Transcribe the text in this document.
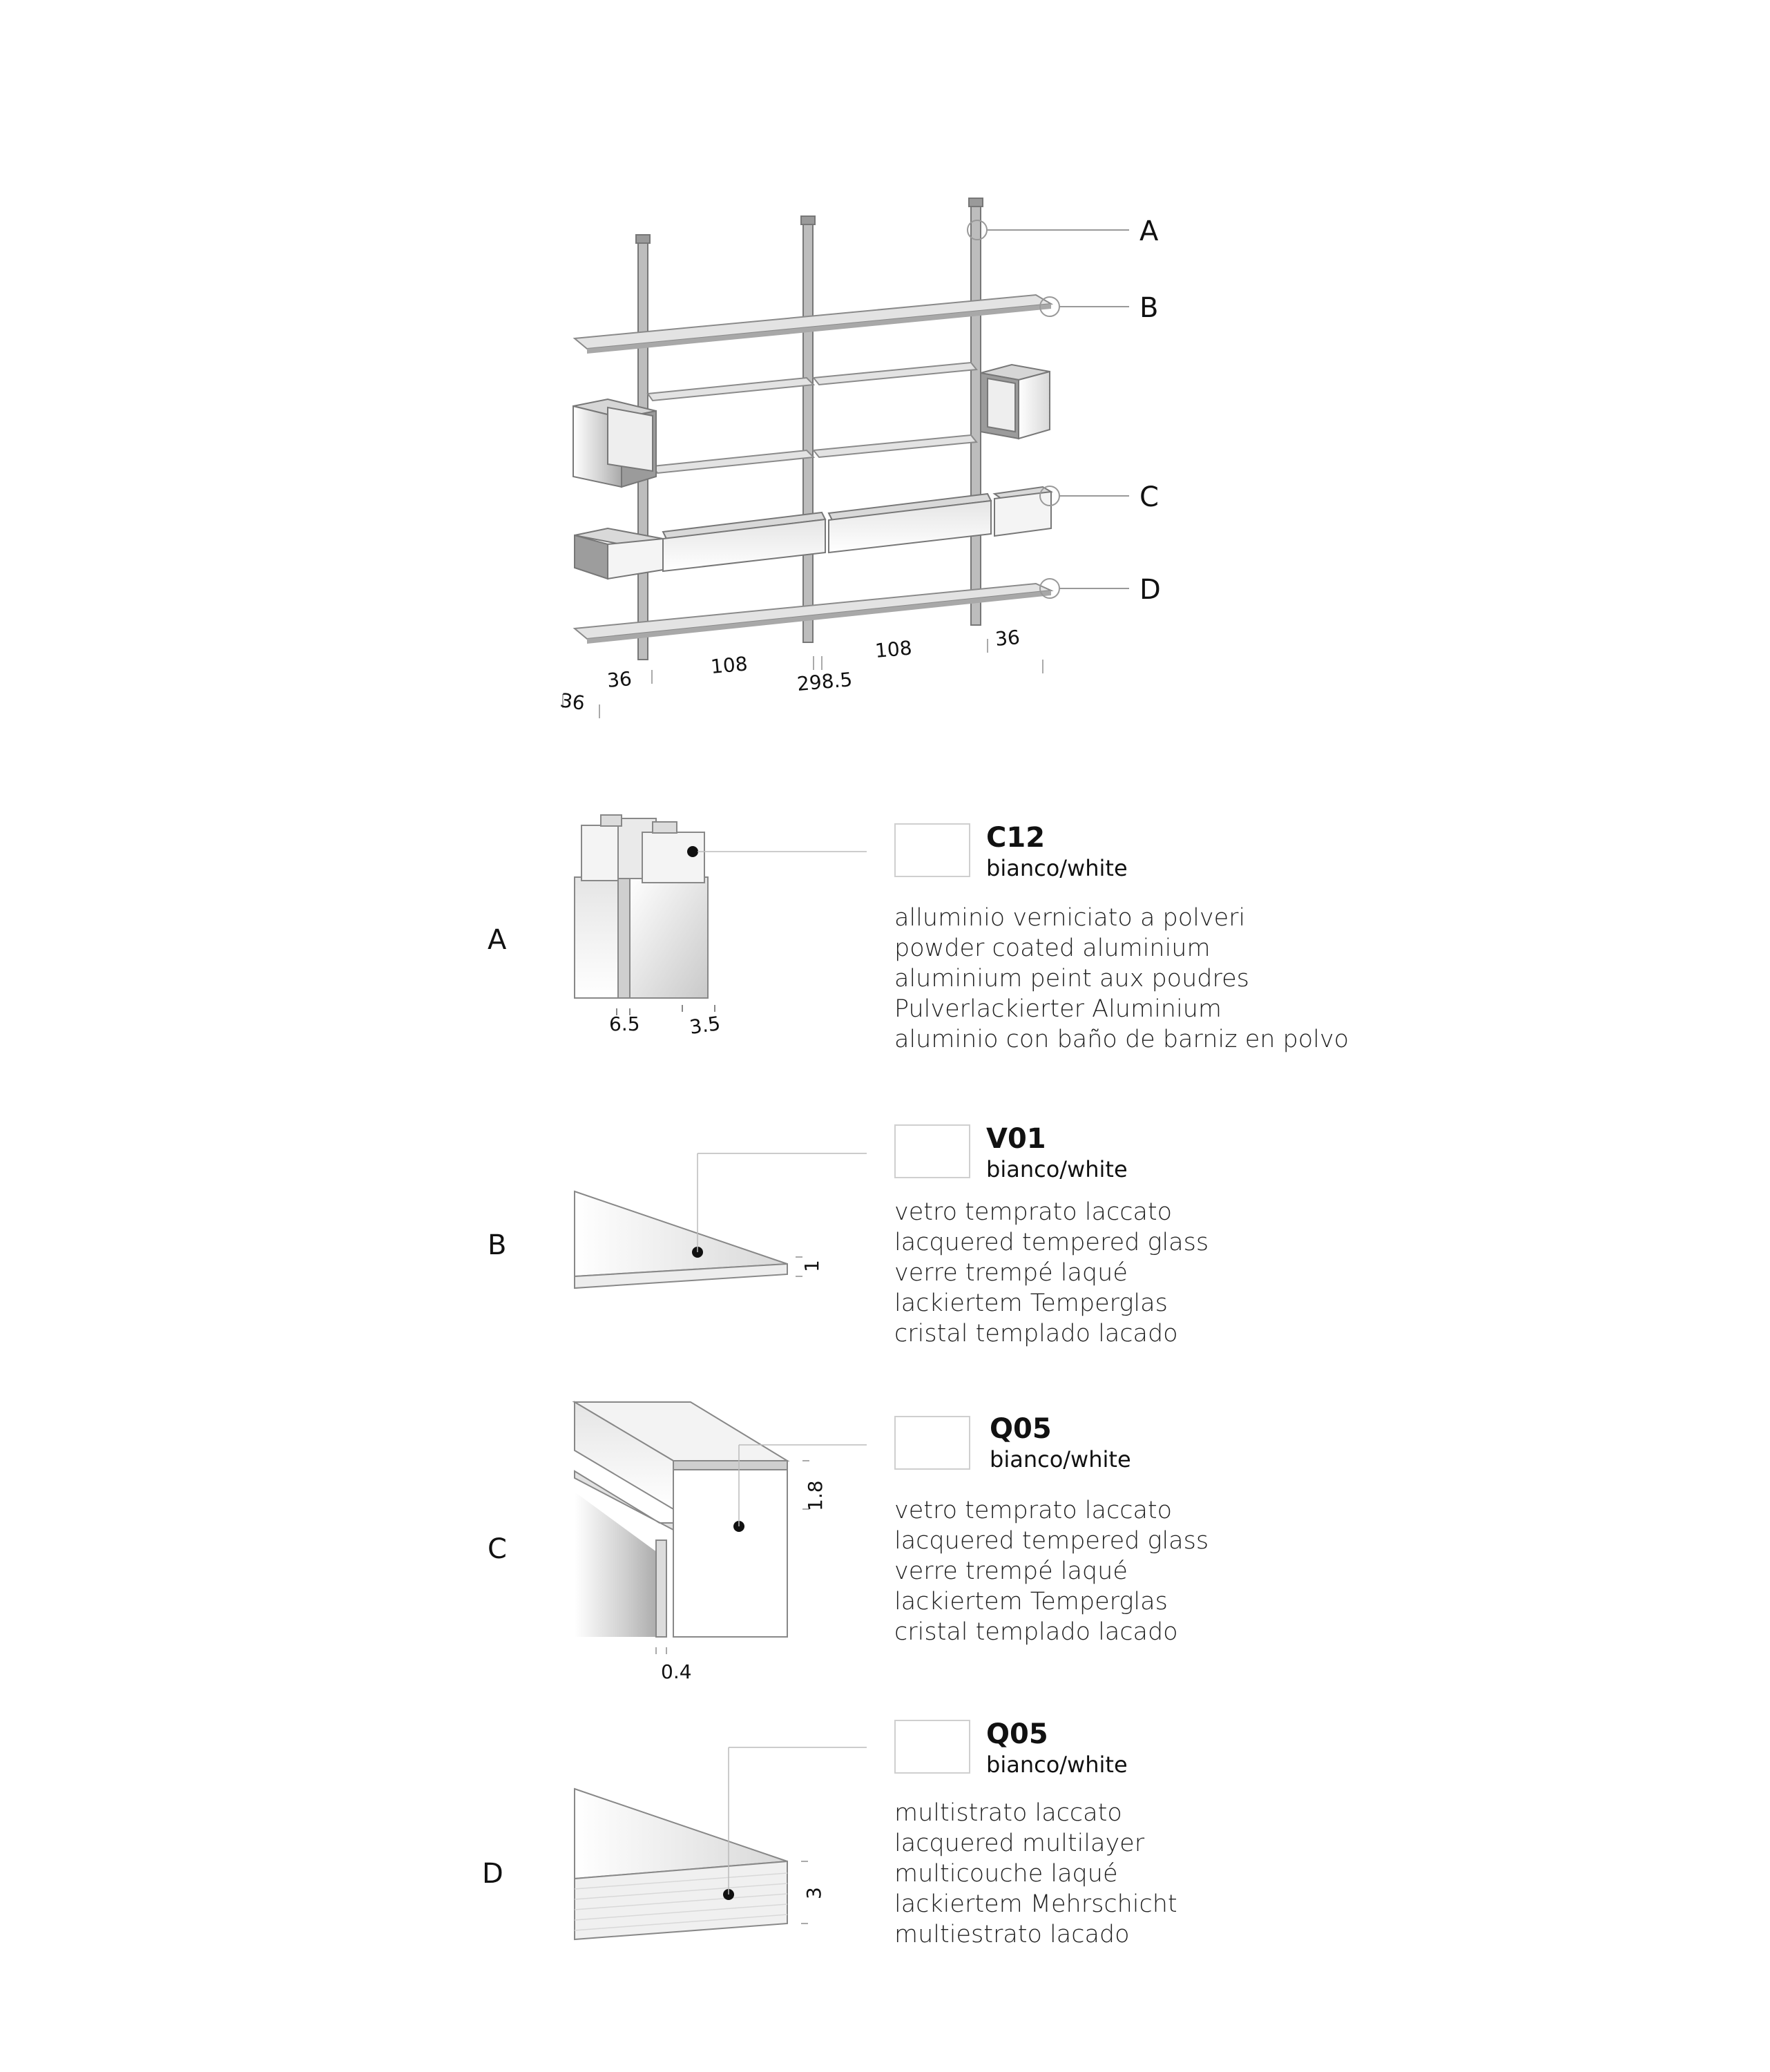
A
B
C
D
36
36
108
298.5
108	36
6.5 3.5
1
1.8
0.4
3
A
C12
bianco/white
alluminio verniciato a polveri
powder coated aluminium
aluminium peint aux poudres
Pulverlackierter Aluminium
aluminio con baño de barniz en polvo
B
V01
bianco/white
vetro temprato laccato
lacquered tempered glass
verre trempé laqué
lackiertem Temperglas
cristal templado lacado
C
Q05
bianco/white
vetro temprato laccato
lacquered tempered glass
verre trempé laqué
lackiertem Temperglas
cristal templado lacado
D
Q05
bianco/white
multistrato laccato
lacquered multilayer
multicouche laqué
lackiertem Mehrschicht
multiestrato lacado
